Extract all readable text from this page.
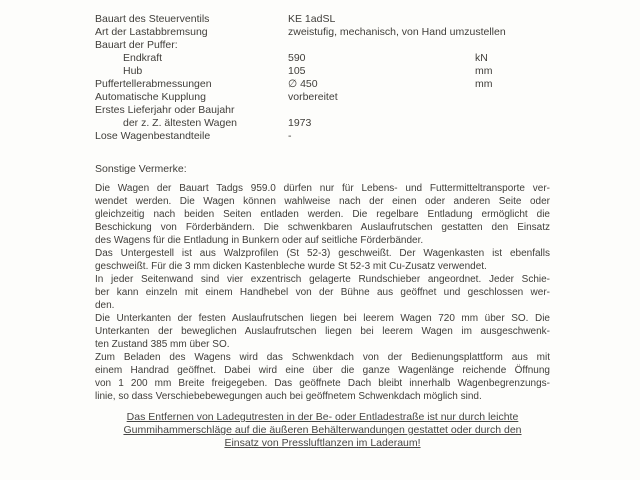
Bauart des Steuerventils	KE 1adSL
Art der Lastabbremsung	zweistufig, mechanisch, von Hand umzustellen
Bauart der Puffer:
Endkraft	590	kN
Hub	105	mm
Puffertellerabmessungen	∅ 450	mm
Automatische Kupplung	vorbereitet
Erstes Lieferjahr oder Baujahr
der z. Z. ältesten Wagen	1973
Lose Wagenbestandteile	-
Sonstige Vermerke:
Die Wagen der Bauart Tadgs 959.0 dürfen nur für Lebens- und Futtermitteltransporte ver-
wendet werden. Die Wagen können wahlweise nach der einen oder anderen Seite oder
gleichzeitig nach beiden Seiten entladen werden. Die regelbare Entladung ermöglicht die
Beschickung von Förderbändern. Die schwenkbaren Auslaufrutschen gestatten den Einsatz
des Wagens für die Entladung in Bunkern oder auf seitliche Förderbänder.
Das Untergestell ist aus Walzprofilen (St 52-3) geschweißt. Der Wagenkasten ist ebenfalls
geschweißt. Für die 3 mm dicken Kastenbleche wurde St 52-3 mit Cu-Zusatz verwendet.
In jeder Seitenwand sind vier exzentrisch gelagerte Rundschieber angeordnet. Jeder Schie-
ber kann einzeln mit einem Handhebel von der Bühne aus geöffnet und geschlossen wer-
den.
Die Unterkanten der festen Auslaufrutschen liegen bei leerem Wagen 720 mm über SO. Die
Unterkanten der beweglichen Auslaufrutschen liegen bei leerem Wagen im ausgeschwenk-
ten Zustand 385 mm über SO.
Zum Beladen des Wagens wird das Schwenkdach von der Bedienungsplattform aus mit
einem Handrad geöffnet. Dabei wird eine über die ganze Wagenlänge reichende Öffnung
von 1 200 mm Breite freigegeben. Das geöffnete Dach bleibt innerhalb Wagenbegrenzungs-
linie, so dass Verschiebebewegungen auch bei geöffnetem Schwenkdach möglich sind.
Das Entfernen von Ladegutresten in der Be- oder Entladestraße ist nur durch leichte
Gummihammerschläge auf die äußeren Behälterwandungen gestattet oder durch den
Einsatz von Pressluftlanzen im Laderaum!
